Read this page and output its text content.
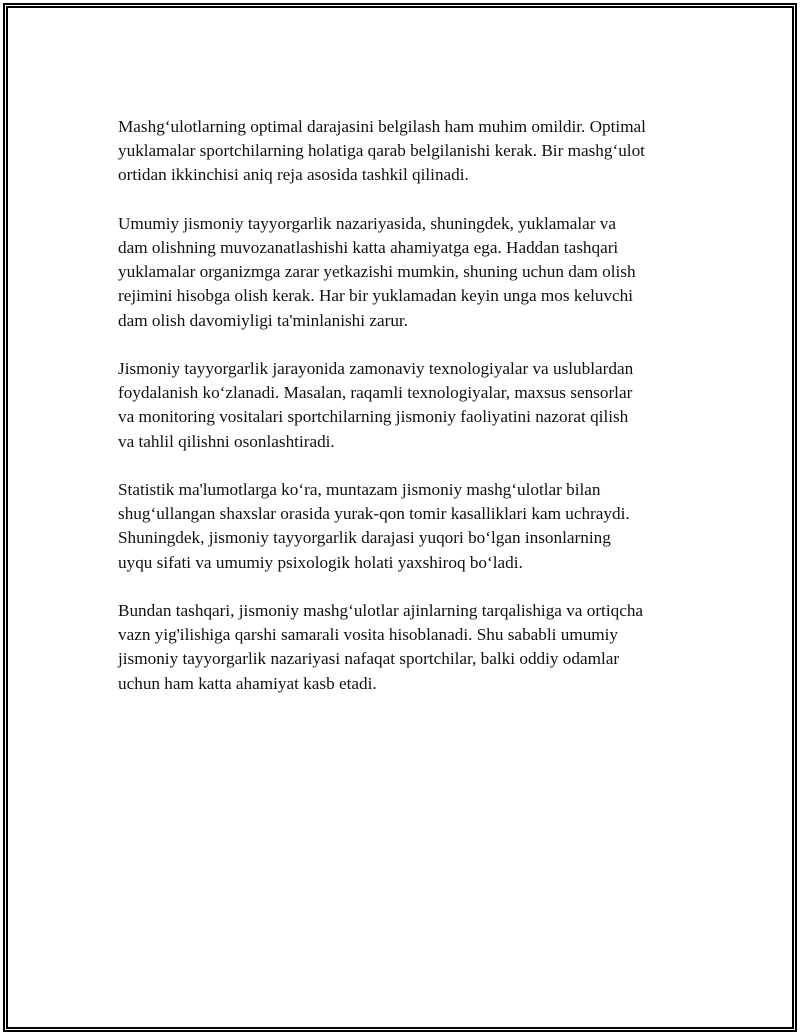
Mashg‘ulotlarning optimal darajasini belgilash ham muhim omildir. Optimal
yuklamalar sportchilarning holatiga qarab belgilanishi kerak. Bir mashg‘ulot
ortidan ikkinchisi aniq reja asosida tashkil qilinadi.

Umumiy jismoniy tayyorgarlik nazariyasida, shuningdek, yuklamalar va
dam olishning muvozanatlashishi katta ahamiyatga ega. Haddan tashqari
yuklamalar organizmga zarar yetkazishi mumkin, shuning uchun dam olish
rejimini hisobga olish kerak. Har bir yuklamadan keyin unga mos keluvchi
dam olish davomiyligi ta'minlanishi zarur.

Jismoniy tayyorgarlik jarayonida zamonaviy texnologiyalar va uslublardan
foydalanish ko‘zlanadi. Masalan, raqamli texnologiyalar, maxsus sensorlar
va monitoring vositalari sportchilarning jismoniy faoliyatini nazorat qilish
va tahlil qilishni osonlashtiradi.

Statistik ma'lumotlarga ko‘ra, muntazam jismoniy mashg‘ulotlar bilan
shug‘ullangan shaxslar orasida yurak-qon tomir kasalliklari kam uchraydi.
Shuningdek, jismoniy tayyorgarlik darajasi yuqori bo‘lgan insonlarning
uyqu sifati va umumiy psixologik holati yaxshiroq bo‘ladi.

Bundan tashqari, jismoniy mashg‘ulotlar ajinlarning tarqalishiga va ortiqcha
vazn yig'ilishiga qarshi samarali vosita hisoblanadi. Shu sababli umumiy
jismoniy tayyorgarlik nazariyasi nafaqat sportchilar, balki oddiy odamlar
uchun ham katta ahamiyat kasb etadi.
